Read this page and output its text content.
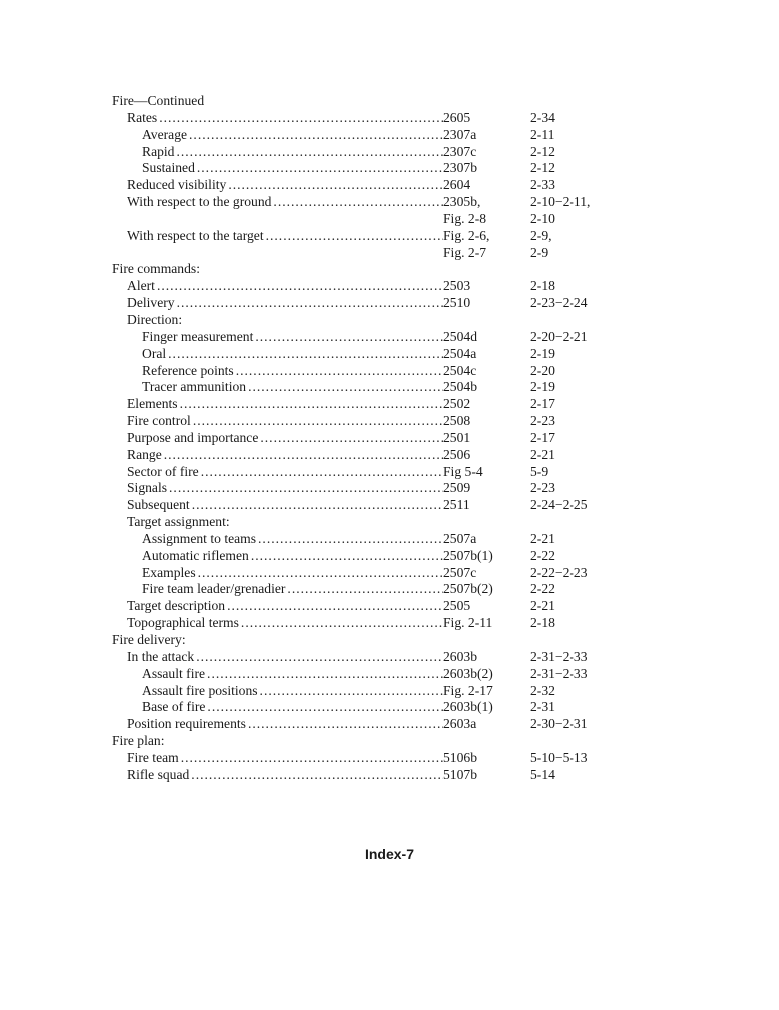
Fire—Continued
Rates . . .	2605	2-34
Average . . .	2307a	2-11
Rapid . . .	2307c	2-12
Sustained . . .	2307b	2-12
Reduced visibility . . .	2604	2-33
With respect to the ground . . .	2305b,	2-10−2-11,
Fig. 2-8	2-10
With respect to the target . . .	Fig. 2-6,	2-9,
Fig. 2-7	2-9
Fire commands:
Alert . . .	2503	2-18
Delivery . . .	2510	2-23−2-24
Direction:
Finger measurement . . .	2504d	2-20−2-21
Oral . . .	2504a	2-19
Reference points . . .	2504c	2-20
Tracer ammunition . . .	2504b	2-19
Elements . . .	2502	2-17
Fire control . . .	2508	2-23
Purpose and importance . . .	2501	2-17
Range . . .	2506	2-21
Sector of fire . . .	Fig 5-4	5-9
Signals . . .	2509	2-23
Subsequent . . .	2511	2-24−2-25
Target assignment:
Assignment to teams . . .	2507a	2-21
Automatic riflemen . . .	2507b(1)	2-22
Examples . . .	2507c	2-22−2-23
Fire team leader/grenadier . . .	2507b(2)	2-22
Target description . . .	2505	2-21
Topographical terms . . .	Fig. 2-11	2-18
Fire delivery:
In the attack . . .	2603b	2-31−2-33
Assault fire . . .	2603b(2)	2-31−2-33
Assault fire positions . . .	Fig. 2-17	2-32
Base of fire . . .	2603b(1)	2-31
Position requirements . . .	2603a	2-30−2-31
Fire plan:
Fire team . . .	5106b	5-10−5-13
Rifle squad . . .	5107b	5-14
Index-7
